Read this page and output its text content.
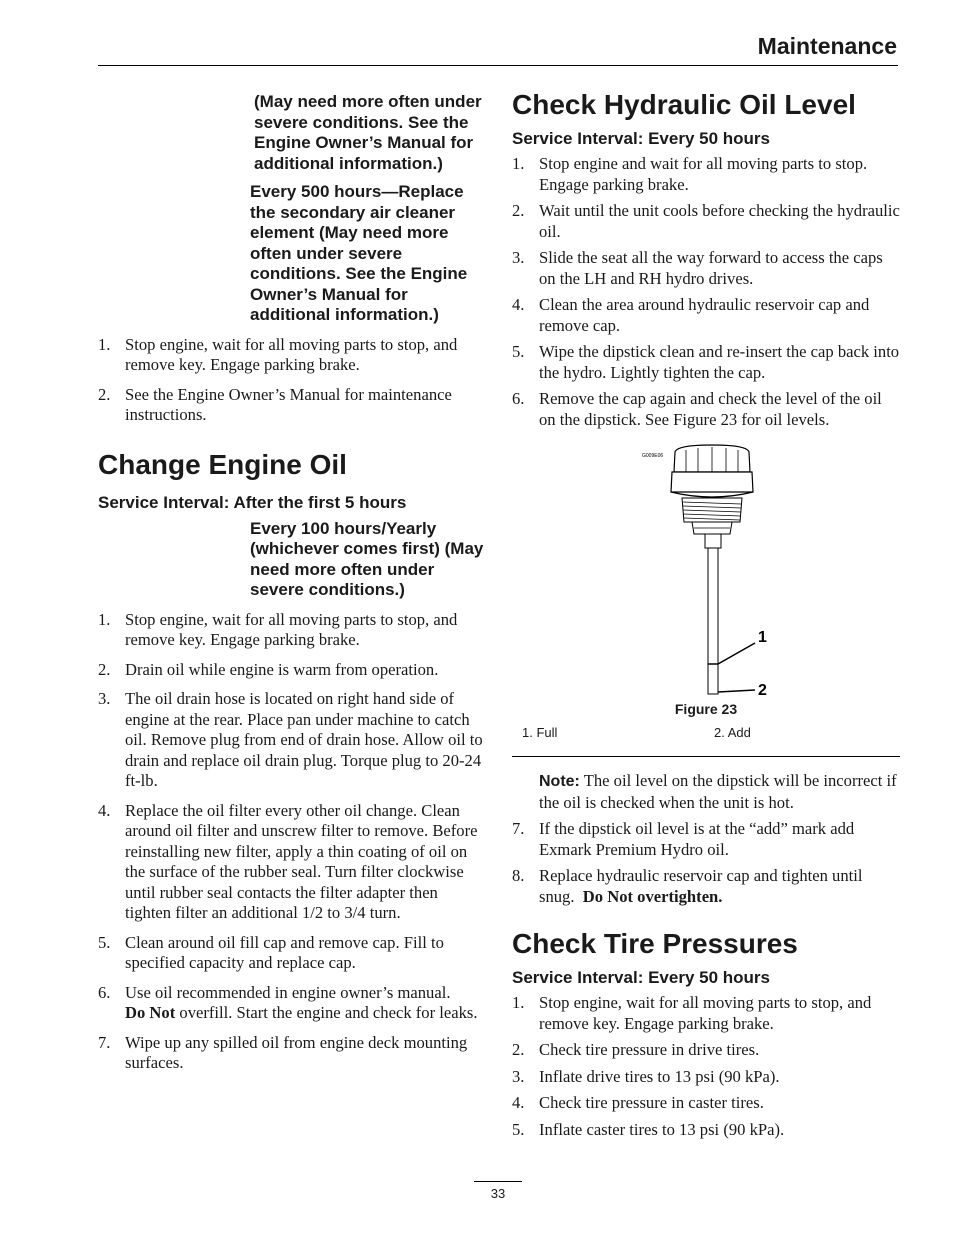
Maintenance
(May need more often under severe conditions. See the Engine Owner’s Manual for additional information.)
Every 500 hours—Replace the secondary air cleaner element (May need more often under severe conditions. See the Engine Owner’s Manual for additional information.)
1. Stop engine, wait for all moving parts to stop, and remove key. Engage parking brake.
2. See the Engine Owner’s Manual for maintenance instructions.
Change Engine Oil
Service Interval: After the first 5 hours
Every 100 hours/Yearly (whichever comes first) (May need more often under severe conditions.)
1. Stop engine, wait for all moving parts to stop, and remove key. Engage parking brake.
2. Drain oil while engine is warm from operation.
3. The oil drain hose is located on right hand side of engine at the rear. Place pan under machine to catch oil. Remove plug from end of drain hose. Allow oil to drain and replace oil drain plug. Torque plug to 20-24 ft-lb.
4. Replace the oil filter every other oil change. Clean around oil filter and unscrew filter to remove. Before reinstalling new filter, apply a thin coating of oil on the surface of the rubber seal. Turn filter clockwise until rubber seal contacts the filter adapter then tighten filter an additional 1/2 to 3/4 turn.
5. Clean around oil fill cap and remove cap. Fill to specified capacity and replace cap.
6. Use oil recommended in engine owner’s manual.
Do Not overfill. Start the engine and check for leaks.
7. Wipe up any spilled oil from engine deck mounting surfaces.
Check Hydraulic Oil Level
Service Interval: Every 50 hours
1. Stop engine and wait for all moving parts to stop. Engage parking brake.
2. Wait until the unit cools before checking the hydraulic oil.
3. Slide the seat all the way forward to access the caps on the LH and RH hydro drives.
4. Clean the area around hydraulic reservoir cap and remove cap.
5. Wipe the dipstick clean and re-insert the cap back into the hydro. Lightly tighten the cap.
6. Remove the cap again and check the level of the oil on the dipstick. See Figure 23 for oil levels.
G009E06
1
2
Figure 23
1. Full	2. Add
Note: The oil level on the dipstick will be incorrect if the oil is checked when the unit is hot.
7. If the dipstick oil level is at the “add” mark add Exmark Premium Hydro oil.
8. Replace hydraulic reservoir cap and tighten until snug. Do Not overtighten.
Check Tire Pressures
Service Interval: Every 50 hours
1. Stop engine, wait for all moving parts to stop, and remove key. Engage parking brake.
2. Check tire pressure in drive tires.
3. Inflate drive tires to 13 psi (90 kPa).
4. Check tire pressure in caster tires.
5. Inflate caster tires to 13 psi (90 kPa).
33
